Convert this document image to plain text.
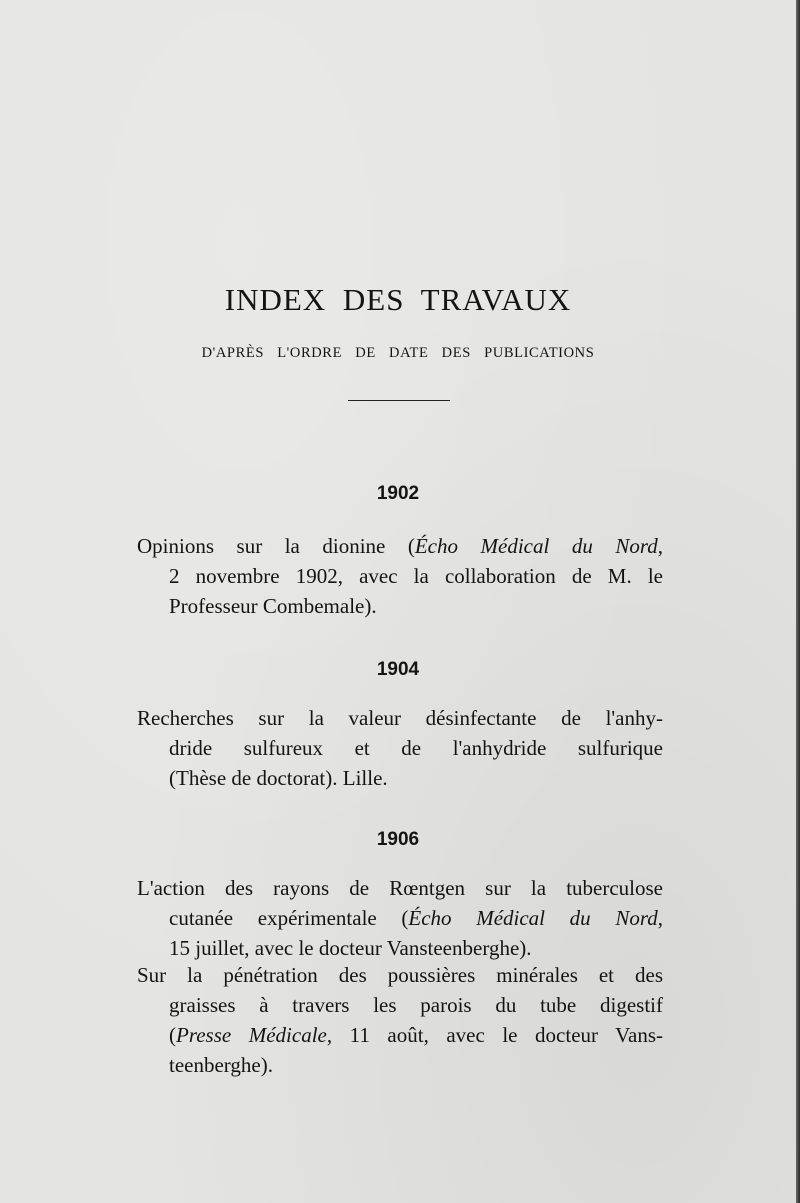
INDEX DES TRAVAUX

D'APRÈS L'ORDRE DE DATE DES PUBLICATIONS

1902

Opinions sur la dionine (Écho Médical du Nord,
2 novembre 1902, avec la collaboration de M. le
Professeur Combemale).

1904

Recherches sur la valeur désinfectante de l'anhy-
dride sulfureux et de l'anhydride sulfurique
(Thèse de doctorat). Lille.

1906

L'action des rayons de Rœntgen sur la tuberculose
cutanée expérimentale (Écho Médical du Nord,
15 juillet, avec le docteur Vansteenberghe).

Sur la pénétration des poussières minérales et des
graisses à travers les parois du tube digestif
(Presse Médicale, 11 août, avec le docteur Vans-
teenberghe).
